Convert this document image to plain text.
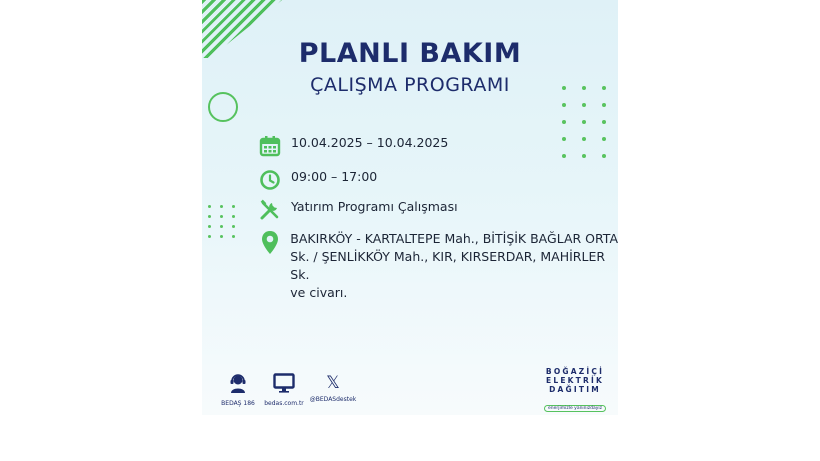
PLANLI BAKIM
ÇALIŞMA PROGRAMI
10.04.2025 – 10.04.2025
09:00 – 17:00
Yatırım Programı Çalışması
BAKIRKÖY - KARTALTEPE Mah., BİTİŞİK BAĞLAR ORTA
Sk. / ŞENLİKKÖY Mah., KIR, KIRSERDAR, MAHİRLER Sk.
ve civarı.
BEDAŞ 186 bedas.com.tr
𝕏
@BEDASdestek
BOĞAZİÇİ
ELEKTRİK
DAĞITIM
enerjimizle yanınızdayız
